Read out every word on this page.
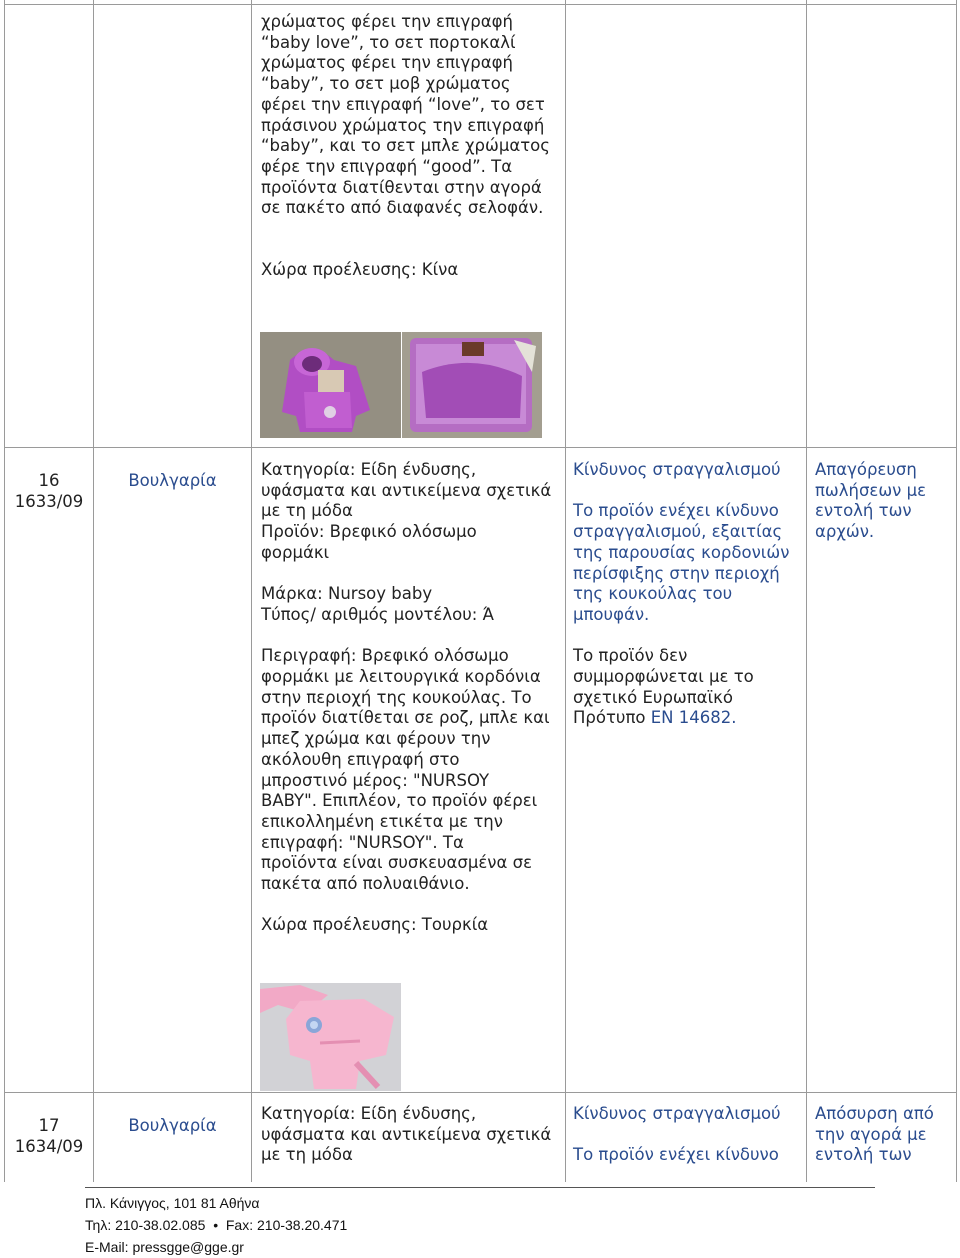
χρώματος φέρει την επιγραφή
“baby love”, το σετ πορτοκαλί
χρώματος φέρει την επιγραφή
“baby”, το σετ μοβ χρώματος
φέρει την επιγραφή “love”, το σετ
πράσινου χρώματος την επιγραφή
“baby”, και το σετ μπλε χρώματος
φέρε την επιγραφή “good”. Τα
προϊόντα διατίθενται στην αγορά
σε πακέτο από διαφανές σελοφάν.

Χώρα προέλευσης: Κίνα

16
1633/09
Βουλγαρία

Κατηγορία: Είδη ένδυσης,
υφάσματα και αντικείμενα σχετικά
με τη μόδα

Προϊόν: Βρεφικό ολόσωμο
φορμάκι

Μάρκα: Nursoy baby

Τύπος/ αριθμός μοντέλου: Ά

Περιγραφή: Βρεφικό ολόσωμο
φορμάκι με λειτουργικά κορδόνια
στην περιοχή της κουκούλας. Το
προϊόν διατίθεται σε ροζ, μπλε και
μπεζ χρώμα και φέρουν την
ακόλουθη επιγραφή στο
μπροστινό μέρος: "NURSOY
BABY". Επιπλέον, το προϊόν φέρει
επικολλημένη ετικέτα με την
επιγραφή: "NURSOY". Τα
προϊόντα είναι συσκευασμένα σε
πακέτα από πολυαιθάνιο.

Χώρα προέλευσης: Τουρκία

Κίνδυνος στραγγαλισμού

Το προϊόν ενέχει κίνδυνο
στραγγαλισμού, εξαιτίας
της παρουσίας κορδονιών
περίσφιξης στην περιοχή
της κουκούλας του
μπουφάν.

Το προϊόν δεν
συμμορφώνεται με το
σχετικό Ευρωπαϊκό
Πρότυπο EN 14682.

Απαγόρευση
πωλήσεων με
εντολή των
αρχών.

17
1634/09
Βουλγαρία

Κατηγορία: Είδη ένδυσης,
υφάσματα και αντικείμενα σχετικά
με τη μόδα

Κίνδυνος στραγγαλισμού

Το προϊόν ενέχει κίνδυνο

Απόσυρση από
την αγορά με
εντολή των

Πλ. Κάνιγγος, 101 81 Αθήνα
Τηλ: 210-38.02.085 • Fax: 210-38.20.471
E-Mail: pressgge@gge.gr
